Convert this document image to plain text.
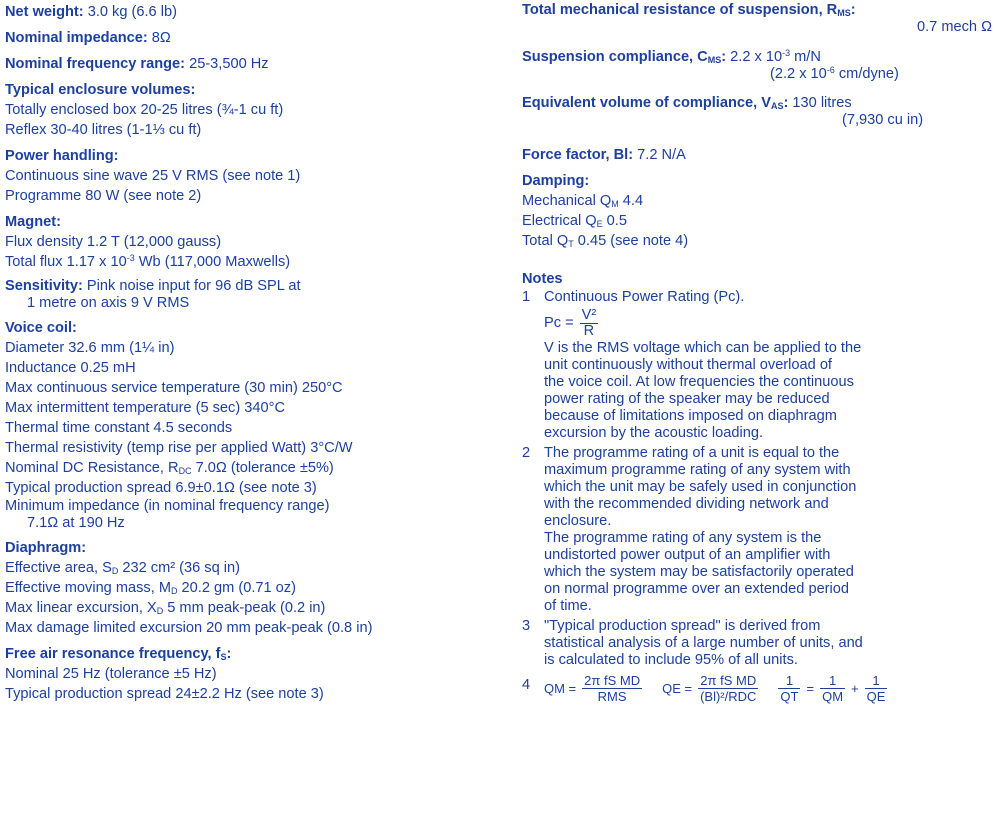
Net weight: 3.0 kg (6.6 lb)

Nominal impedance: 8Ω

Nominal frequency range: 25-3,500 Hz

Typical enclosure volumes:

Totally enclosed box 20-25 litres (¾-1 cu ft)

Reflex 30-40 litres (1-1⅓ cu ft)

Power handling:

Continuous sine wave 25 V RMS (see note 1)

Programme 80 W (see note 2)

Magnet:

Flux density 1.2 T (12,000 gauss)

Total flux 1.17 x $10^{-3}$ Wb (117,000 Maxwells)

Sensitivity: Pink noise input for 96 dB SPL at

1 metre on axis 9 V RMS

Voice coil:

Diameter 32.6 mm (1¼ in)

Inductance 0.25 mH

Max continuous service temperature (30 min) 250°C

Max intermittent temperature (5 sec) 340°C

Thermal time constant 4.5 seconds

Thermal resistivity (temp rise per applied Watt) 3°C/W

Nominal DC Resistance, $R_{DC}$ 7.0Ω (tolerance ±5%)

Typical production spread 6.9±0.1Ω (see note 3)

Minimum impedance (in nominal frequency range)

7.1Ω at 190 Hz

Diaphragm:

Effective area, $S_D$ 232 cm² (36 sq in)

Effective moving mass, $M_D$ 20.2 gm (0.71 oz)

Max linear excursion, $X_D$ 5 mm peak-peak (0.2 in)

Max damage limited excursion 20 mm peak-peak (0.8 in)

Free air resonance frequency, $f_S$:

Nominal 25 Hz (tolerance ±5 Hz)

Typical production spread 24±2.2 Hz (see note 3)

Total mechanical resistance of suspension, $R_{MS}$:

0.7 mech Ω

Suspension compliance, $C_{MS}$: 2.2 x $10^{-3}$ m/N

(2.2 x $10^{-6}$ cm/dyne)

Equivalent volume of compliance, $V_{AS}$: 130 litres

(7,930 cu in)

Force factor, Bl: 7.2 N/A

Damping:

Mechanical $Q_M$ 4.4

Electrical $Q_E$ 0.5

Total $Q_T$ 0.45 (see note 4)

Notes

1 Continuous Power Rating (Pc).
$Pc = \frac{\text{V²}}{R}$
V is the RMS voltage which can be applied to the
unit continuously without thermal overload of
the voice coil. At low frequencies the continuous
power rating of the speaker may be reduced
because of limitations imposed on diaphragm
excursion by the acoustic loading.
2 The programme rating of a unit is equal to the
maximum programme rating of any system with
which the unit may be safely used in conjunction
with the recommended dividing network and
enclosure.
The programme rating of any system is the
undistorted power output of an amplifier with
which the system may be satisfactorily operated
on normal programme over an extended period
of time.
3 "Typical production spread" is derived from
statistical analysis of a large number of units, and
is calculated to include 95% of all units.
4 QM = $\frac{\text{2π fS MD}}{\text{RMS}}$ QE = $\frac{\text{2π fS MD}}{\text{(Bl)²/RDC}} \frac{1}{QT} = \frac{1}{QM} + \frac{1}{QE}$
